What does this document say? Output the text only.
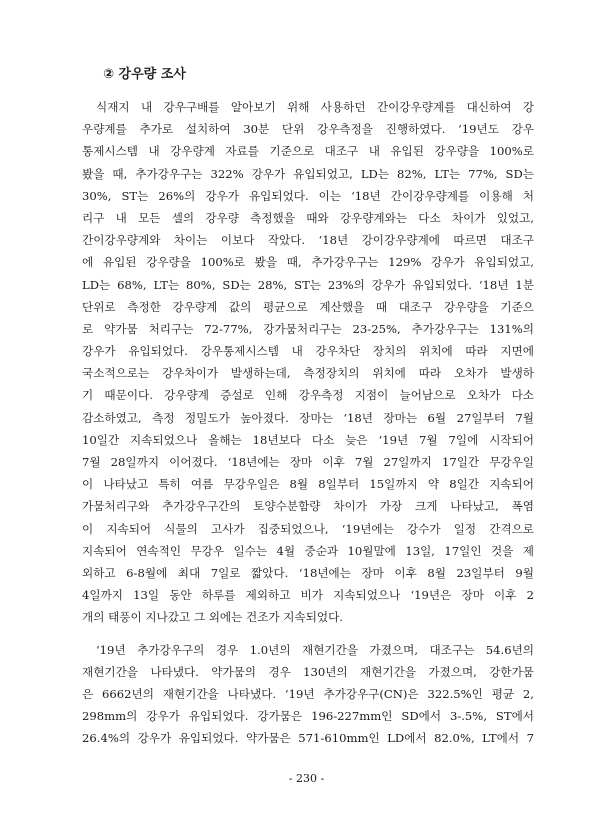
② 강우량 조사
식재지 내 강우구배를 알아보기 위해 사용하던 간이강우량계를 대신하여 강
우량계를 추가로 설치하여 30분 단위 강우측정을 진행하였다. ‘19년도 강우
통제시스템 내 강우량계 자료를 기준으로 대조구 내 유입된 강우량을 100%로
봤을 때, 추가강우구는 322% 강우가 유입되었고, LD는 82%, LT는 77%, SD는
30%, ST는 26%의 강우가 유입되었다. 이는 ‘18년 간이강우량계를 이용해 처
리구 내 모든 셀의 강우량 측정했을 때와 강우량계와는 다소 차이가 있었고,
간이강우량계와 차이는 이보다 작았다. ‘18년 강이강우량계에 따르면 대조구
에 유입된 강우량을 100%로 봤을 때, 추가강우구는 129% 강우가 유입되었고,
LD는 68%, LT는 80%, SD는 28%, ST는 23%의 강우가 유입되었다. ‘18년 1분
단위로 측정한 강우량계 값의 평균으로 계산했을 때 대조구 강우량을 기준으
로 약가뭄 처리구는 72-77%, 강가뭄처리구는 23-25%, 추가강우구는 131%의
강우가 유입되었다. 강우통제시스템 내 강우차단 장치의 위치에 따라 지면에
국소적으로는 강우차이가 발생하는데, 측정장치의 위치에 따라 오차가 발생하
기 때문이다. 강우량계 증설로 인해 강우측정 지점이 늘어남으로 오차가 다소
감소하였고, 측정 정밀도가 높아졌다. 장마는 ‘18년 장마는 6월 27일부터 7월
10일간 지속되었으나 올해는 18년보다 다소 늦은 ‘19년 7월 7일에 시작되어
7월 28일까지 이어졌다. ‘18년에는 장마 이후 7월 27일까지 17일간 무강우일
이 나타났고 특히 여름 무강우일은 8월 8일부터 15일까지 약 8일간 지속되어
가뭄처리구와 추가강우구간의 토양수분함량 차이가 가장 크게 나타났고, 폭염
이 지속되어 식물의 고사가 집중되었으나, ‘19년에는 강수가 일정 간격으로
지속되어 연속적인 무강우 일수는 4월 중순과 10월말에 13일, 17일인 것을 제
외하고 6-8월에 최대 7일로 짧았다. ‘18년에는 장마 이후 8월 23일부터 9월
4일까지 13일 동안 하루를 제외하고 비가 지속되었으나 ‘19년은 장마 이후 2
개의 태풍이 지나갔고 그 외에는 건조가 지속되었다.
‘19년 추가강우구의 경우 1.0년의 재현기간을 가졌으며, 대조구는 54.6년의
재현기간을 나타냈다. 약가뭄의 경우 130년의 재현기간을 가졌으며, 강한가뭄
은 6662년의 재현기간을 나타냈다. ‘19년 추가강우구(CN)은 322.5%인 평균 2,
298mm의 강우가 유입되었다. 강가뭄은 196-227mm인 SD에서 3-.5%, ST에서
26.4%의 강우가 유입되었다. 약가뭄은 571-610mm인 LD에서 82.0%, LT에서 7
- 230 -
